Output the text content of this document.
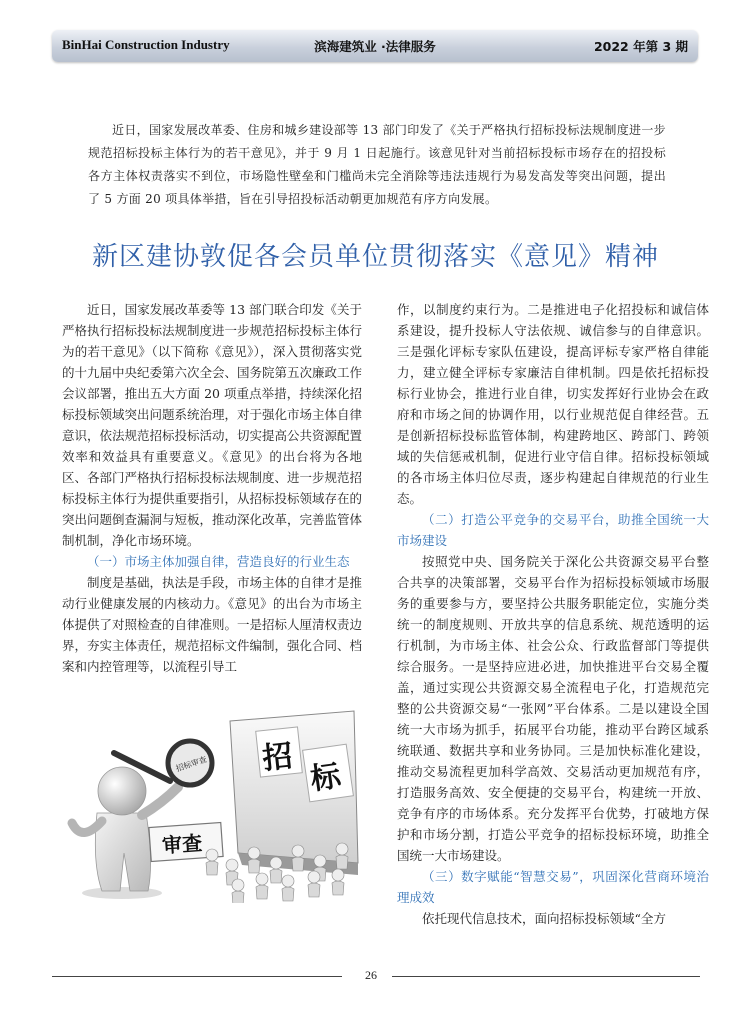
BinHai Construction Industry	滨海建筑业 ·法律服务	2022 年第 3 期
近日，国家发展改革委、住房和城乡建设部等 13 部门印发了《关于严格执行招标投标法规制度进一步规范招标投标主体行为的若干意见》，并于 9 月 1 日起施行。该意见针对当前招标投标市场存在的招投标各方主体权责落实不到位，市场隐性壁垒和门槛尚未完全消除等违法违规行为易发高发等突出问题，提出了 5 方面 20 项具体举措，旨在引导招投标活动朝更加规范有序方向发展。
新区建协敦促各会员单位贯彻落实《意见》精神

近日，国家发展改革委等 13 部门联合印发《关于严格执行招标投标法规制度进一步规范招标投标主体行为的若干意见》（以下简称《意见》），深入贯彻落实党的十九届中央纪委第六次全会、国务院第五次廉政工作会议部署，推出五大方面 20 项重点举措，持续深化招标投标领域突出问题系统治理，对于强化市场主体自律意识，依法规范招标投标活动，切实提高公共资源配置效率和效益具有重要意义。《意见》的出台将为各地区、各部门严格执行招标投标法规制度、进一步规范招标投标主体行为提供重要指引，从招标投标领域存在的突出问题倒查漏洞与短板，推动深化改革，完善监管体制机制，净化市场环境。

（一）市场主体加强自律，营造良好的行业生态

制度是基础，执法是手段，市场主体的自律才是推动行业健康发展的内核动力。《意见》的出台为市场主体提供了对照检查的自律准则。一是招标人厘清权责边界，夯实主体责任，规范招标文件编制，强化合同、档案和内控管理等，以流程引导工

作，以制度约束行为。二是推进电子化招投标和诚信体系建设，提升投标人守法依规、诚信参与的自律意识。三是强化评标专家队伍建设，提高评标专家严格自律能力，建立健全评标专家廉洁自律机制。四是依托招标投标行业协会，推进行业自律，切实发挥好行业协会在政府和市场之间的协调作用，以行业规范促自律经营。五是创新招标投标监管体制，构建跨地区、跨部门、跨领域的失信惩戒机制，促进行业守信自律。招标投标领域的各市场主体归位尽责，逐步构建起自律规范的行业生态。

（二）打造公平竞争的交易平台，助推全国统一大市场建设

按照党中央、国务院关于深化公共资源交易平台整合共享的决策部署，交易平台作为招标投标领域市场服务的重要参与方，要坚持公共服务职能定位，实施分类统一的制度规则、开放共享的信息系统、规范透明的运行机制，为市场主体、社会公众、行政监督部门等提供综合服务。一是坚持应进必进，加快推进平台交易全覆盖，通过实现公共资源交易全流程电子化，打造规范完整的公共资源交易“一张网”平台体系。二是以建设全国统一大市场为抓手，拓展平台功能，推动平台跨区域系统联通、数据共享和业务协同。三是加快标准化建设，推动交易流程更加科学高效、交易活动更加规范有序，打造服务高效、安全便捷的交易平台，构建统一开放、竞争有序的市场体系。充分发挥平台优势，打破地方保护和市场分割，打造公平竞争的招标投标环境，助推全国统一大市场建设。

（三）数字赋能“智慧交易”，巩固深化营商环境治理成效

依托现代信息技术，面向招标投标领域“全方

招
标
招标审查
审查
26
